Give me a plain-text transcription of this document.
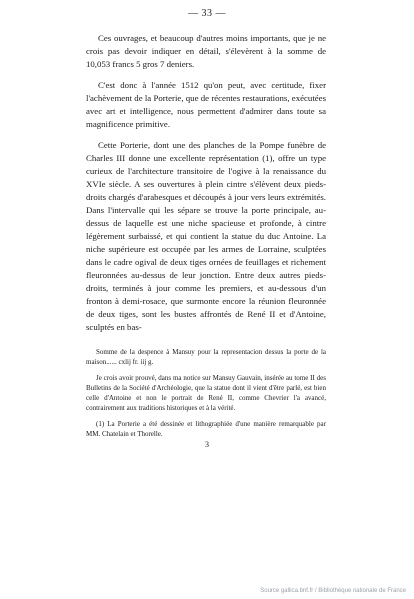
— 33 —

Ces ouvrages, et beaucoup d'autres moins importants, que je ne crois pas devoir indiquer en détail, s'élevèrent à la somme de 10,053 francs 5 gros 7 deniers.

C'est donc à l'année 1512 qu'on peut, avec certitude, fixer l'achèvement de la Porterie, que de récentes restaurations, exécutées avec art et intelligence, nous permettent d'admirer dans toute sa magnificence primitive.

Cette Porterie, dont une des planches de la Pompe funèbre de Charles III donne une excellente représentation (1), offre un type curieux de l'architecture transitoire de l'ogive à la renaissance du XVIe siècle. A ses ouvertures à plein cintre s'élèvent deux pieds-droits chargés d'arabesques et découpés à jour vers leurs extrémités. Dans l'intervalle qui les sépare se trouve la porte principale, au-dessus de laquelle est une niche spacieuse et profonde, à cintre légèrement surbaissé, et qui contient la statue du duc Antoine. La niche supérieure est occupée par les armes de Lorraine, sculptées dans le cadre ogival de deux tiges ornées de feuillages et richement fleuronnées au-dessus de leur jonction. Entre deux autres pieds-droits, terminés à jour comme les premiers, et au-dessous d'un fronton à demi-rosace, que surmonte encore la réunion fleuronnée de deux tiges, sont les bustes affrontés de René II et d'Antoine, sculptés en bas-

Somme de la despence à Mansuy pour la representacion dessus la porte de la maison...... cxlij fr. iij g.

Je crois avoir prouvé, dans ma notice sur Mansuy Gauvain, insérée au tome II des Bulletins de la Société d'Archéologie, que la statue dont il vient d'être parlé, est bien celle d'Antoine et non le portrait de René II, comme Chevrier l'a avancé, contrairement aux traditions historiques et à la vérité.

(1) La Porterie a été dessinée et lithographiée d'une manière remarquable par MM. Chatelain et Thorelle.

3
Source gallica.bnf.fr / Bibliothèque nationale de France
